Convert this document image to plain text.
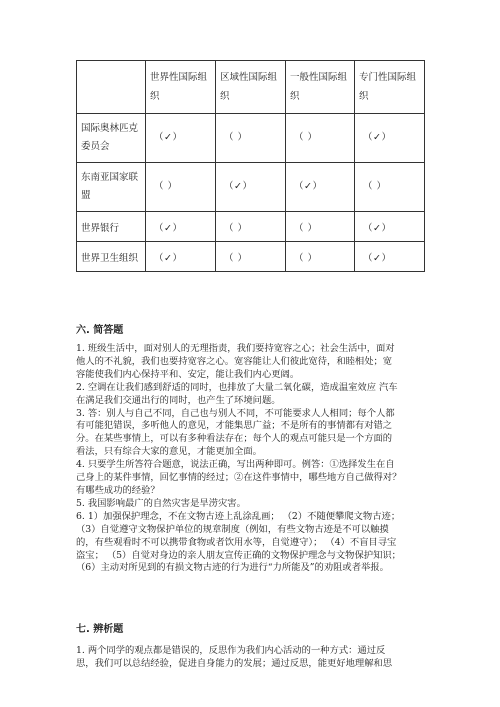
	世界性国际组织	区域性国际组织	一般性国际组织	专门性国际组织
国际奥林匹克委员会	（✓）	（ ）	（ ）	（✓）
东南亚国家联盟	（ ）	（✓）	（✓）	（ ）
世界银行	（✓）	（ ）	（ ）	（✓）
世界卫生组织	（✓）	（ ）	（ ）	（✓）
六. 简答题

1. 班级生活中，面对别人的无理指责，我们要持宽容之心；社会生活中，面对

他人的不礼貌，我们也要持宽容之心。宽容能让人们彼此宽待，和睦相处；宽

容能使我们内心保持平和、安定，能让我们内心更阔。

2. 空调在让我们感到舒适的同时，也排放了大量二氧化碳，造成温室效应 汽车

在满足我们交通出行的同时，也产生了环境问题。

3. 答：别人与自己不同，自己也与别人不同，不可能要求人人相同；每个人都

有可能犯错误，多听他人的意见，才能集思广益；不是所有的事情都有对错之

分。在某些事情上，可以有多种看法存在；每个人的观点可能只是一个方面的

看法，只有综合大家的意见，才能更加全面。

4. 只要学生所答符合题意，说法正确，写出两种即可。例答：①选择发生在自

己身上的某件事情，回忆事情的经过；②在这件事情中，哪些地方自己做得对？

有哪些成功的经验？

5. 我国影响最广的自然灾害是旱涝灾害。

6. 1）加强保护理念，不在文物古迹上乱涂乱画； （2）不随便攀爬文物古迹；

（3）自觉遵守文物保护单位的规章制度（例如，有些文物古迹是不可以触摸

的，有些观看时不可以携带食物或者饮用水等，自觉遵守）； （4）不盲目寻宝

盗宝； （5）自觉对身边的亲人朋友宣传正确的文物保护理念与文物保护知识；

（6）主动对所见到的有损文物古迹的行为进行“力所能及”的劝阻或者举报。

七. 辨析题

1. 两个同学的观点都是错误的，反思作为我们内心活动的一种方式：通过反

思，我们可以总结经验，促进自身能力的发展；通过反思，能更好地理解和思
